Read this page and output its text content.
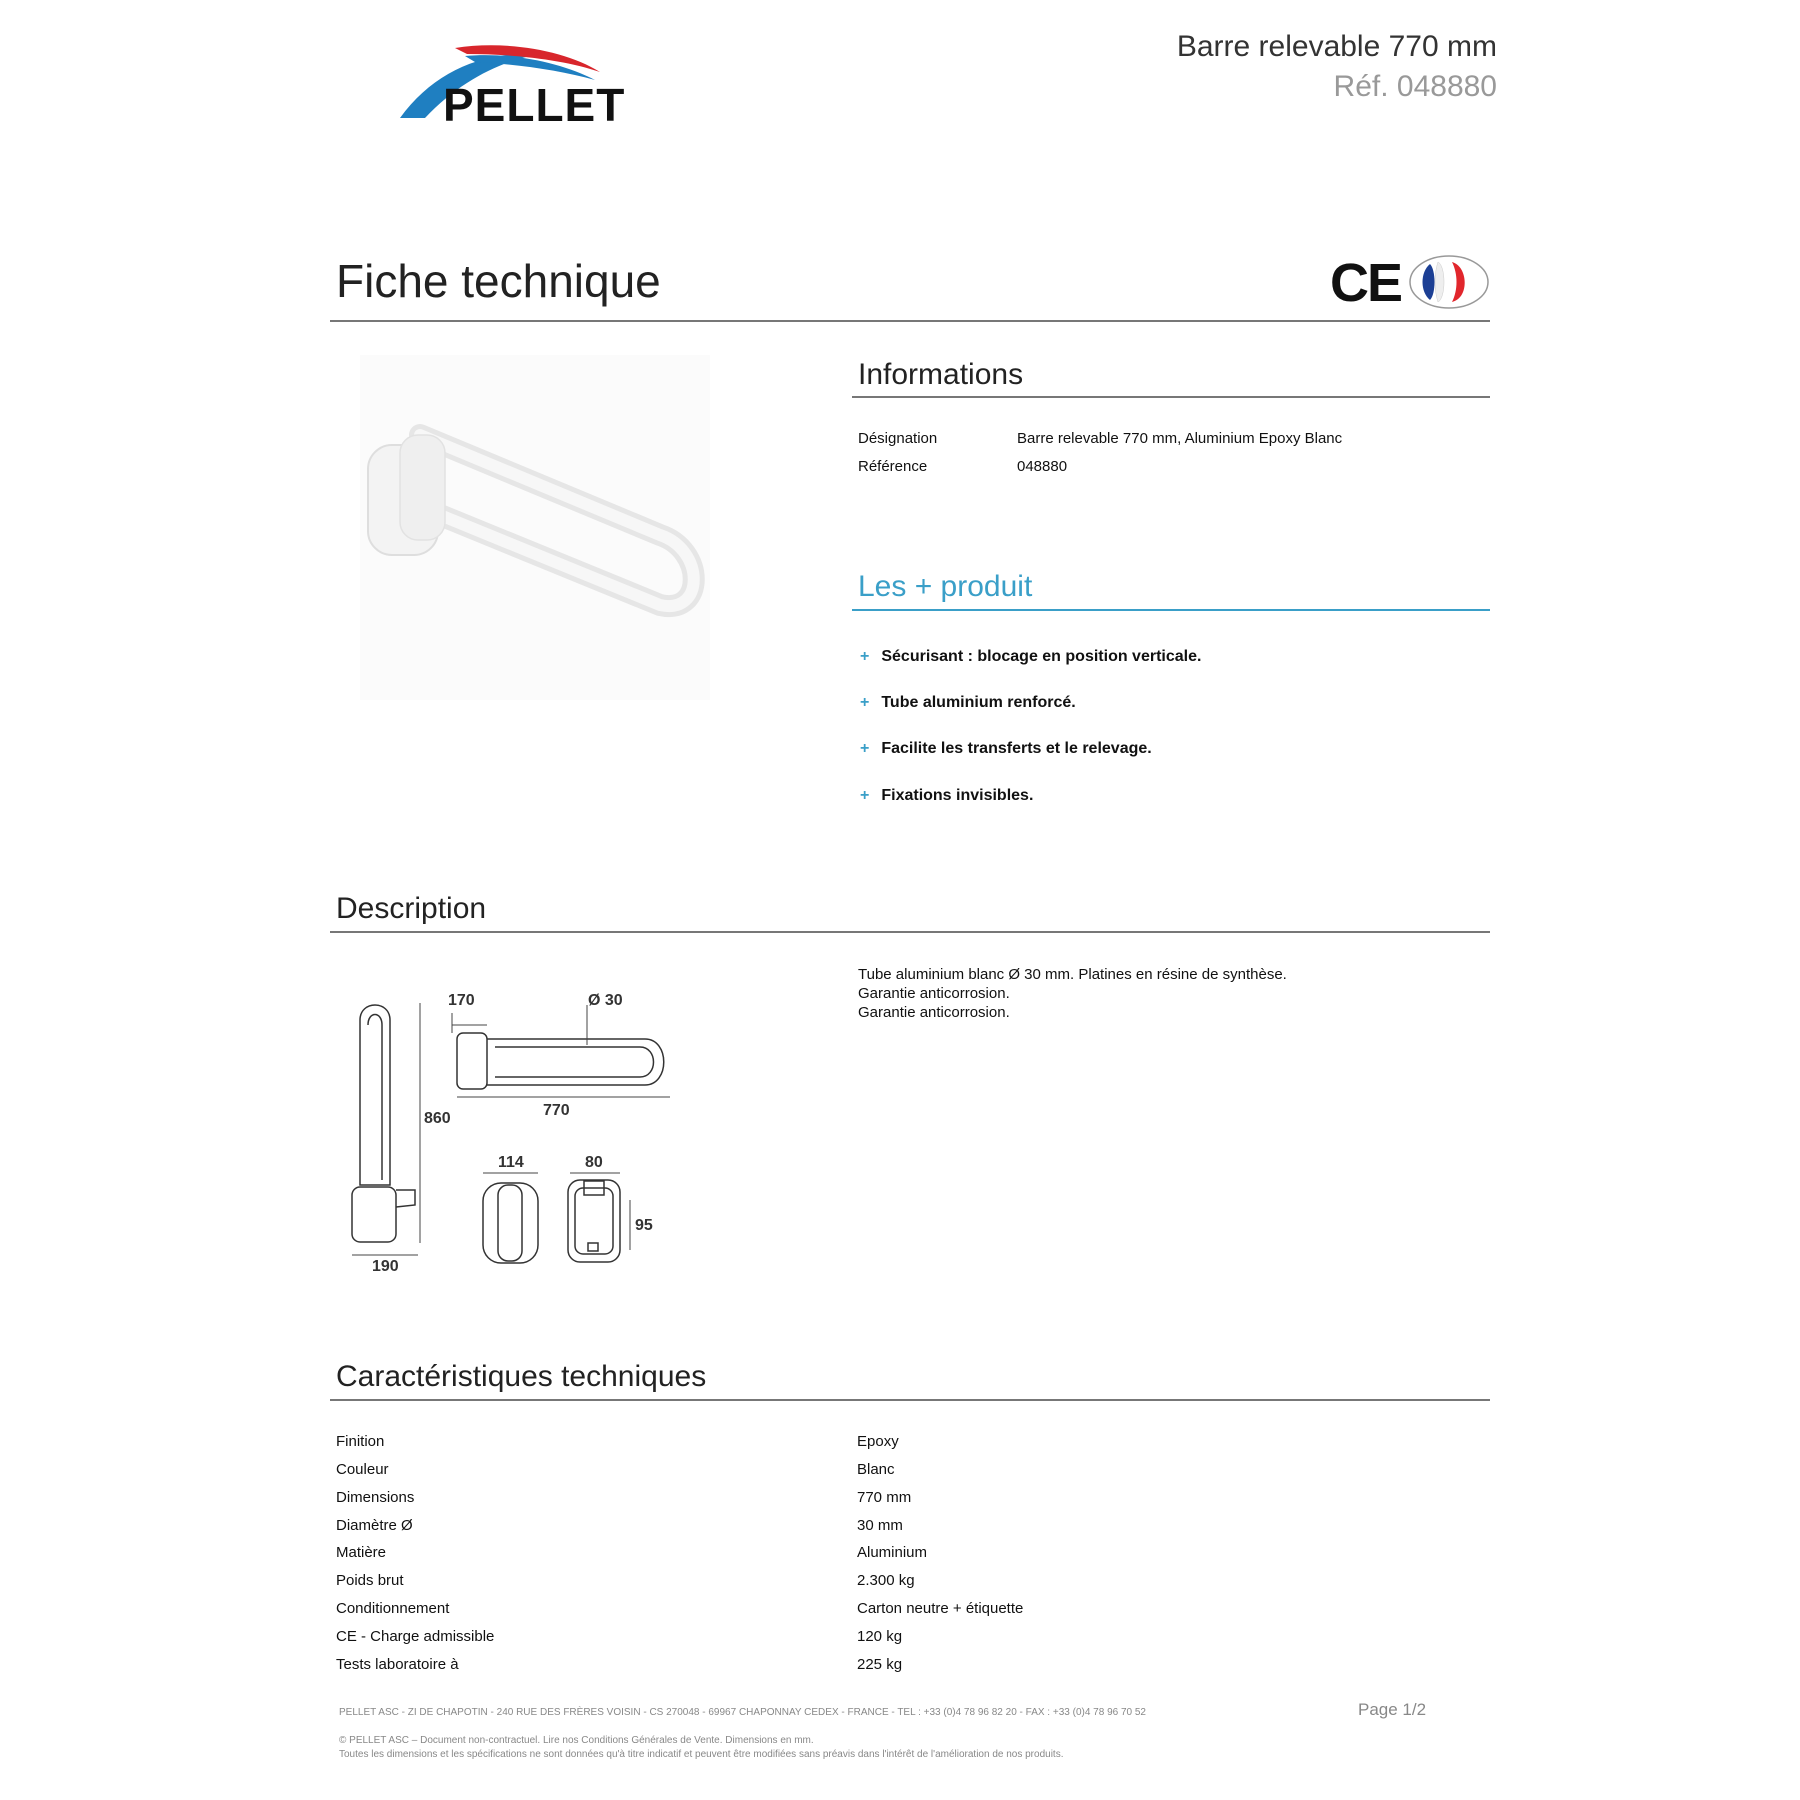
PELLET
Barre relevable 770 mm
Réf. 048880
Fiche technique	CE
Informations
Désignation	Barre relevable 770 mm, Aluminium Epoxy Blanc
Référence	048880
Les + produit
+ Sécurisant : blocage en position verticale.
+ Tube aluminium renforcé.
+ Facilite les transferts et le relevage.
+ Fixations invisibles.
Description
Tube aluminium blanc Ø 30 mm. Platines en résine de synthèse.
Garantie anticorrosion.
Garantie anticorrosion.
170	Ø 30
770
860
114	80
95
190
Caractéristiques techniques
Finition	Epoxy
Couleur	Blanc
Dimensions	770 mm
Diamètre Ø	30 mm
Matière	Aluminium
Poids brut	2.300 kg
Conditionnement	Carton neutre + étiquette
CE - Charge admissible	120 kg
Tests laboratoire à	225 kg
PELLET ASC - ZI DE CHAPOTIN - 240 RUE DES FRÈRES VOISIN - CS 270048 - 69967 CHAPONNAY CEDEX - FRANCE - TEL : +33 (0)4 78 96 82 20 - FAX : +33 (0)4 78 96 70 52	Page 1/2
© PELLET ASC – Document non-contractuel. Lire nos Conditions Générales de Vente. Dimensions en mm.
Toutes les dimensions et les spécifications ne sont données qu'à titre indicatif et peuvent être modifiées sans préavis dans l'intérêt de l'amélioration de nos produits.
